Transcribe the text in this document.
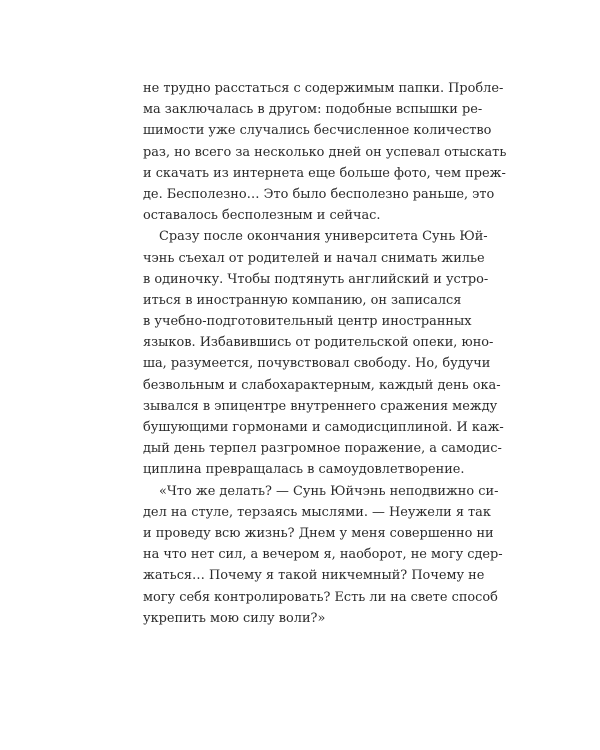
не трудно расстаться с содержимым папки. Пробле-
ма заключалась в другом: подобные вспышки ре-
шимости уже случались бесчисленное количество
раз, но всего за несколько дней он успевал отыскать
и скачать из интернета еще больше фото, чем преж-
де. Бесполезно… Это было бесполезно раньше, это
оставалось бесполезным и сейчас.
Сразу после окончания университета Сунь Юй-
чэнь съехал от родителей и начал снимать жилье
в одиночку. Чтобы подтянуть английский и устро-
иться в иностранную компанию, он записался
в учебно-подготовительный центр иностранных
языков. Избавившись от родительской опеки, юно-
ша, разумеется, почувствовал свободу. Но, будучи
безвольным и слабохарактерным, каждый день ока-
зывался в эпицентре внутреннего сражения между
бушующими гормонами и самодисциплиной. И каж-
дый день терпел разгромное поражение, а самодис-
циплина превращалась в самоудовлетворение.
«Что же делать? — Сунь Юйчэнь неподвижно си-
дел на стуле, терзаясь мыслями. — Неужели я так
и проведу всю жизнь? Днем у меня совершенно ни
на что нет сил, а вечером я, наоборот, не могу сдер-
жаться… Почему я такой никчемный? Почему не
могу себя контролировать? Есть ли на свете способ
укрепить мою силу воли?»
